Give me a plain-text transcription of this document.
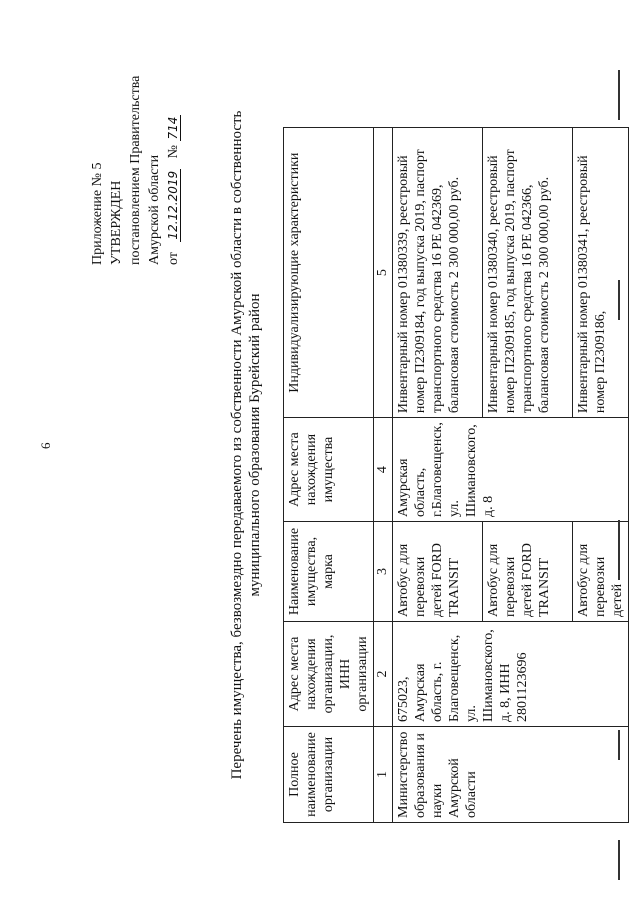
6
Приложение № 5 УТВЕРЖДЕН постановлением Правительства Амурской области от   12.12.2019   № 714	Перечень имущества, безвозмездно передаваемого из собственности Амурской области в собственность муниципального образования Бурейский район
Полное наименование организации	Адрес места нахождения организации, ИНН организации	Наименование имущества, марка	Адрес места нахождения имущества	Индивидуализирующие характеристики
1	2	3	4	5
Министерство образования и науки Амурской области	675023, Амурская область, г. Благовещенск, ул. Шимановского, д. 8, ИНН 2801123696	Автобус для перевозки детей FORD TRANSIT	Амурская область, г.Благовещенск, ул. Шимановского, д. 8	Инвентарный номер 01380339, реестровый номер П2309184, год выпуска 2019, паспорт транспортного средства 16 РЕ 042369, балансовая стоимость 2 300 000,00 руб.
		Автобус для перевозки детей FORD TRANSIT		Инвентарный номер 01380340, реестровый номер П2309185, год выпуска 2019, паспорт транспортного средства 16 РЕ 042366, балансовая стоимость 2 300 000,00 руб.
		Автобус для перевозки детей		Инвентарный номер 01380341, реестровый номер П2309186,
